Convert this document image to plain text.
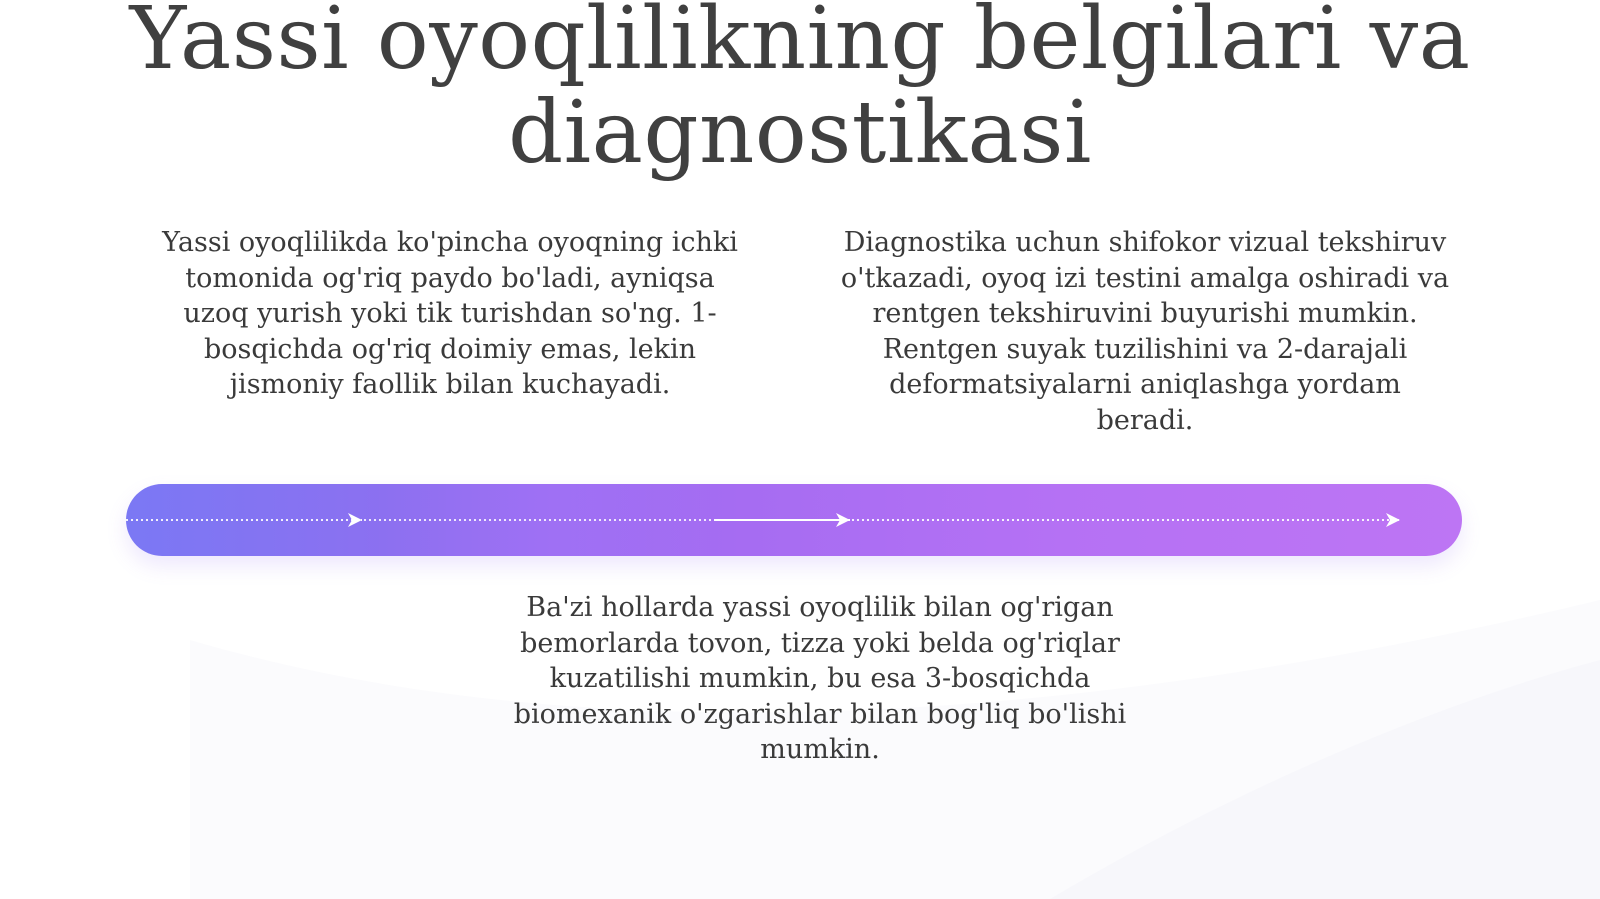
Yassi oyoqlilikning belgilari va diagnostikasi

Yassi oyoqlilikda ko'pincha oyoqning ichki tomonida og'riq paydo bo'ladi, ayniqsa uzoq yurish yoki tik turishdan so'ng. 1-bosqichda og'riq doimiy emas, lekin jismoniy faollik bilan kuchayadi.

Diagnostika uchun shifokor vizual tekshiruv o'tkazadi, oyoq izi testini amalga oshiradi va rentgen tekshiruvini buyurishi mumkin. Rentgen suyak tuzilishini va 2-darajali deformatsiyalarni aniqlashga yordam beradi.

Ba'zi hollarda yassi oyoqlilik bilan og'rigan bemorlarda tovon, tizza yoki belda og'riqlar kuzatilishi mumkin, bu esa 3-bosqichda biomexanik o'zgarishlar bilan bog'liq bo'lishi mumkin.
